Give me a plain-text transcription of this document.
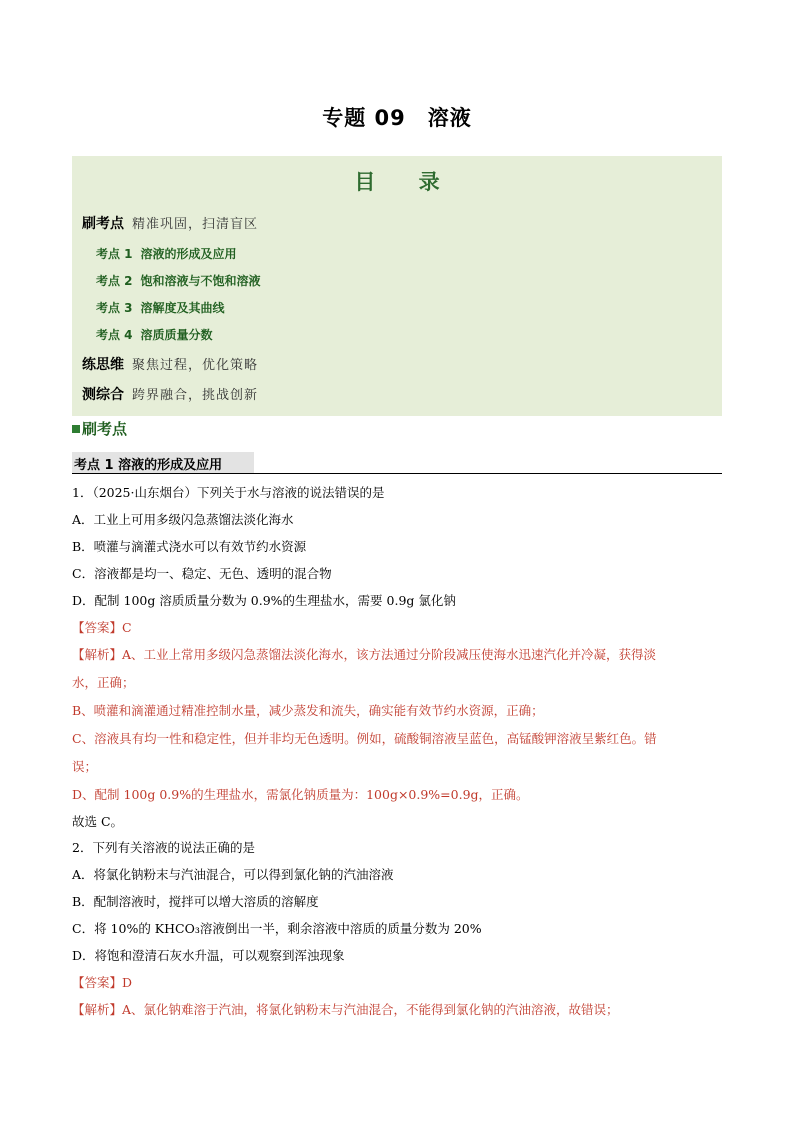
专题 09 溶液
目 录
刷考点 精准巩固，扫清盲区
考点 1 溶液的形成及应用
考点 2 饱和溶液与不饱和溶液
考点 3 溶解度及其曲线
考点 4 溶质质量分数
练思维 聚焦过程，优化策略
测综合 跨界融合，挑战创新
刷考点
考点 1 溶液的形成及应用
1．（2025·山东烟台）下列关于水与溶液的说法错误的是
A．工业上可用多级闪急蒸馏法淡化海水
B．喷灌与滴灌式浇水可以有效节约水资源
C．溶液都是均一、稳定、无色、透明的混合物
D．配制 100g 溶质质量分数为 0.9%的生理盐水，需要 0.9g 氯化钠
【答案】C
【解析】A、工业上常用多级闪急蒸馏法淡化海水，该方法通过分阶段减压使海水迅速汽化并冷凝，获得淡
水，正确；
B、喷灌和滴灌通过精准控制水量，减少蒸发和流失，确实能有效节约水资源，正确；
C、溶液具有均一性和稳定性，但并非均无色透明。例如，硫酸铜溶液呈蓝色，高锰酸钾溶液呈紫红色。错
误；
D、配制 100g 0.9%的生理盐水，需氯化钠质量为：100g×0.9%=0.9g，正确。
故选 C。
2．下列有关溶液的说法正确的是
A．将氯化钠粉末与汽油混合，可以得到氯化钠的汽油溶液
B．配制溶液时，搅拌可以增大溶质的溶解度
C．将 10%的 KHCO₃溶液倒出一半，剩余溶液中溶质的质量分数为 20%
D．将饱和澄清石灰水升温，可以观察到浑浊现象
【答案】D
【解析】A、氯化钠难溶于汽油，将氯化钠粉末与汽油混合，不能得到氯化钠的汽油溶液，故错误；
